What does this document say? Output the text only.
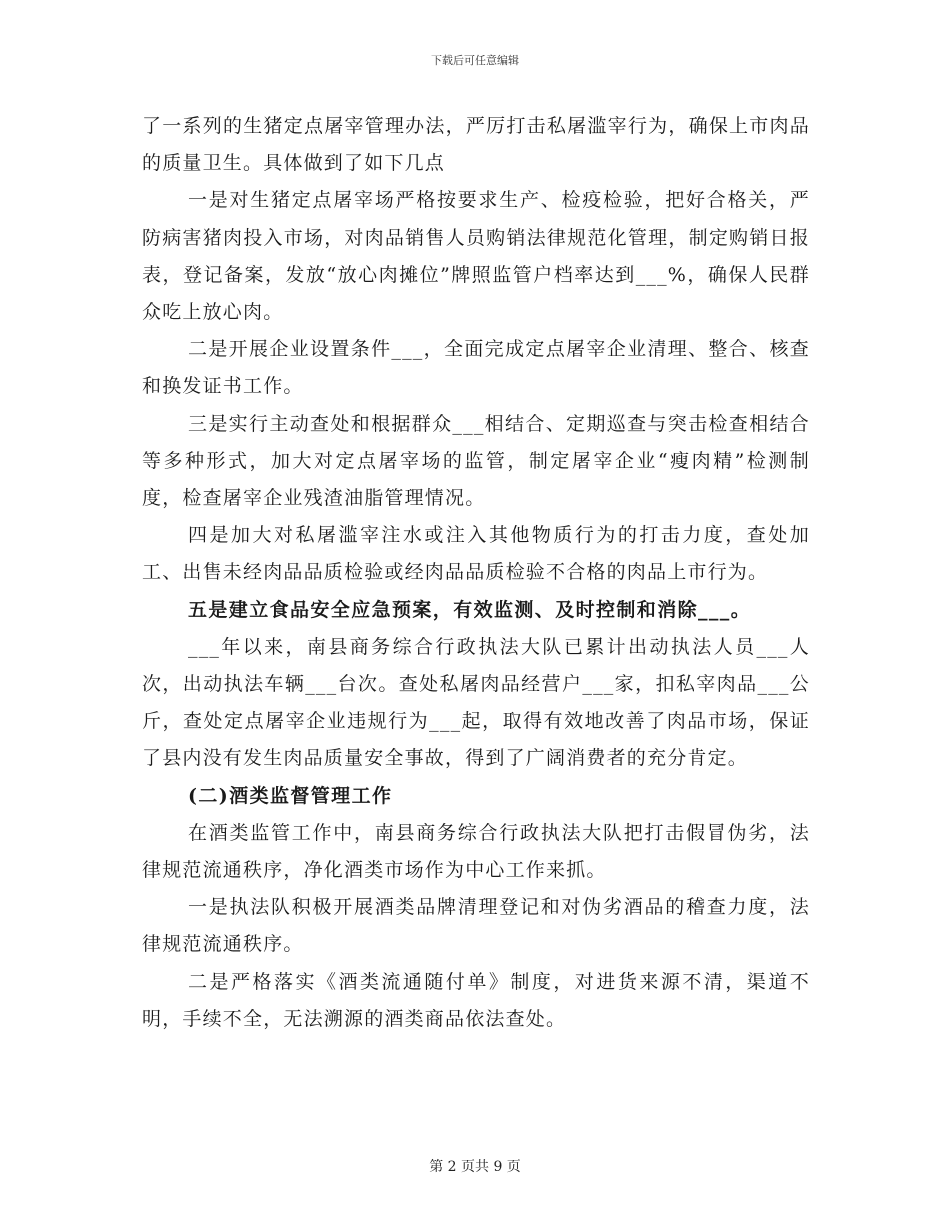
下载后可任意编辑

了一系列的生猪定点屠宰管理办法，严厉打击私屠滥宰行为，确保上市肉品的质量卫生。具体做到了如下几点

一是对生猪定点屠宰场严格按要求生产、检疫检验，把好合格关，严防病害猪肉投入市场，对肉品销售人员购销法律规范化管理，制定购销日报表，登记备案，发放“放心肉摊位”牌照监管户档率达到___%，确保人民群众吃上放心肉。

二是开展企业设置条件___，全面完成定点屠宰企业清理、整合、核查和换发证书工作。

三是实行主动查处和根据群众___相结合、定期巡查与突击检查相结合等多种形式，加大对定点屠宰场的监管，制定屠宰企业“瘦肉精”检测制度，检查屠宰企业残渣油脂管理情况。

四是加大对私屠滥宰注水或注入其他物质行为的打击力度，查处加工、出售未经肉品品质检验或经肉品品质检验不合格的肉品上市行为。

五是建立食品安全应急预案，有效监测、及时控制和消除___。

___年以来，南县商务综合行政执法大队已累计出动执法人员___人次，出动执法车辆___台次。查处私屠肉品经营户___家，扣私宰肉品___公斤，查处定点屠宰企业违规行为___起，取得有效地改善了肉品市场，保证了县内没有发生肉品质量安全事故，得到了广阔消费者的充分肯定。

(二)酒类监督管理工作

在酒类监管工作中，南县商务综合行政执法大队把打击假冒伪劣，法律规范流通秩序，净化酒类市场作为中心工作来抓。

一是执法队积极开展酒类品牌清理登记和对伪劣酒品的稽查力度，法律规范流通秩序。

二是严格落实《酒类流通随付单》制度，对进货来源不清，渠道不明，手续不全，无法溯源的酒类商品依法查处。

第 2 页共 9 页
